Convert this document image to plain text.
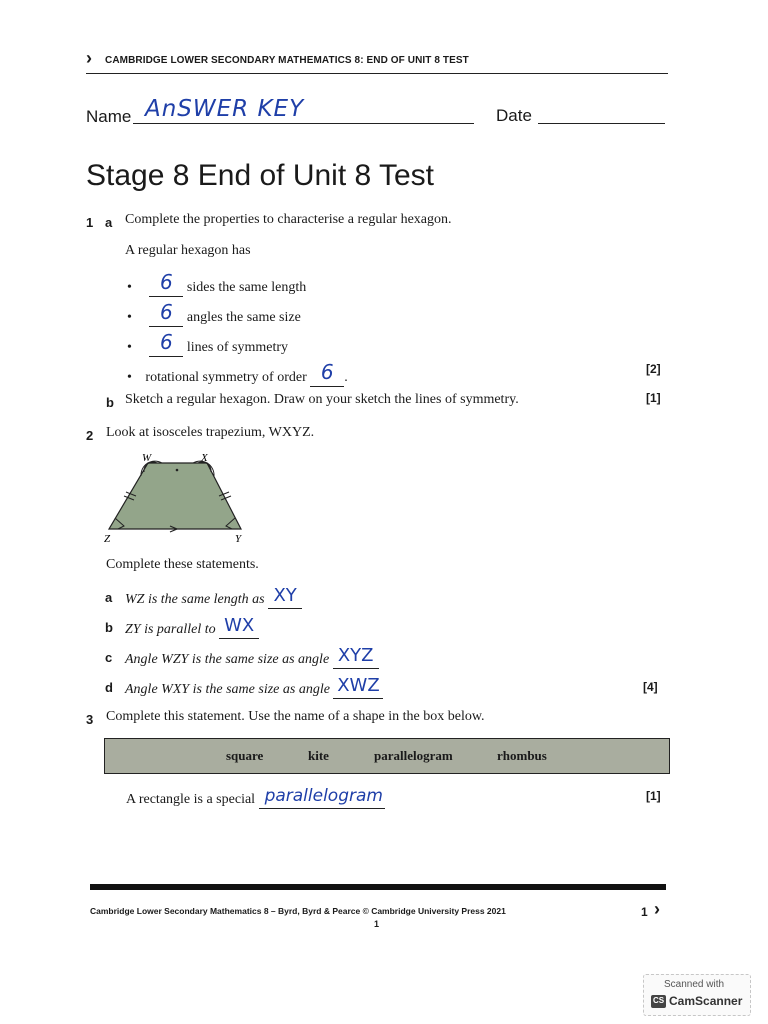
› CAMBRIDGE LOWER SECONDARY MATHEMATICS 8: END OF UNIT 8 TEST
Name AnSWER KEY	Date
Stage 8 End of Unit 8 Test
1 a Complete the properties to characterise a regular hexagon.
A regular hexagon has
• 6 sides the same length
• 6 angles the same size
• 6 lines of symmetry
• rotational symmetry of order 6 .
[2]
b Sketch a regular hexagon. Draw on your sketch the lines of symmetry.	[1]
2 Look at isosceles trapezium, WXYZ.
W	X
Z	Y
Complete these statements.
a WZ is the same length as XY
b ZY is parallel to WX
c Angle WZY is the same size as angle XYZ
d Angle WXY is the same size as angle XWZ	[4]
3 Complete this statement. Use the name of a shape in the box below.
square	kite	parallelogram	rhombus
A rectangle is a special parallelogram	[1]
Cambridge Lower Secondary Mathematics 8 – Byrd, Byrd & Pearce © Cambridge University Press 2021
1
1 ›
Scanned with
CS CamScanner
